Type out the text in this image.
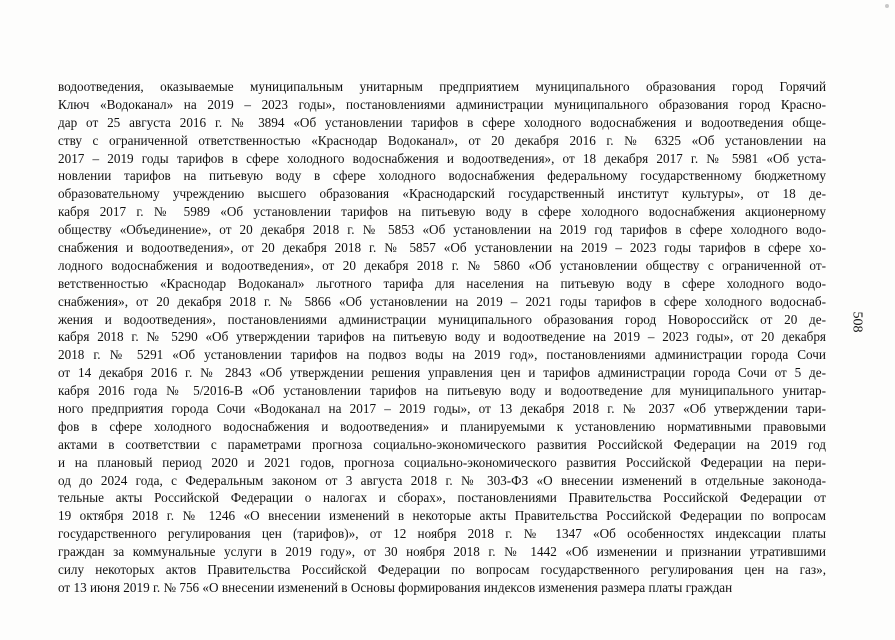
водоотведения, оказываемые муниципальным унитарным предприятием муниципального образования город Горячий
Ключ «Водоканал» на 2019 – 2023 годы», постановлениями администрации муниципального образования город Красно-
дар от 25 августа 2016 г. № 3894 «Об установлении тарифов в сфере холодного водоснабжения и водоотведения обще-
ству с ограниченной ответственностью «Краснодар Водоканал», от 20 декабря 2016 г. № 6325 «Об установлении на
2017 – 2019 годы тарифов в сфере холодного водоснабжения и водоотведения», от 18 декабря 2017 г. № 5981 «Об уста-
новлении тарифов на питьевую воду в сфере холодного водоснабжения федеральному государственному бюджетному
образовательному учреждению высшего образования «Краснодарский государственный институт культуры», от 18 де-
кабря 2017 г. № 5989 «Об установлении тарифов на питьевую воду в сфере холодного водоснабжения акционерному
обществу «Объединение», от 20 декабря 2018 г. № 5853 «Об установлении на 2019 год тарифов в сфере холодного водо-
снабжения и водоотведения», от 20 декабря 2018 г. № 5857 «Об установлении на 2019 – 2023 годы тарифов в сфере хо-
лодного водоснабжения и водоотведения», от 20 декабря 2018 г. № 5860 «Об установлении обществу с ограниченной от-
ветственностью «Краснодар Водоканал» льготного тарифа для населения на питьевую воду в сфере холодного водо-
снабжения», от 20 декабря 2018 г. № 5866 «Об установлении на 2019 – 2021 годы тарифов в сфере холодного водоснаб-
жения и водоотведения», постановлениями администрации муниципального образования город Новороссийск от 20 де-
кабря 2018 г. № 5290 «Об утверждении тарифов на питьевую воду и водоотведение на 2019 – 2023 годы», от 20 декабря
2018 г. № 5291 «Об установлении тарифов на подвоз воды на 2019 год», постановлениями администрации города Сочи
от 14 декабря 2016 г. № 2843 «Об утверждении решения управления цен и тарифов администрации города Сочи от 5 де-
кабря 2016 года № 5/2016-В «Об установлении тарифов на питьевую воду и водоотведение для муниципального унитар-
ного предприятия города Сочи «Водоканал на 2017 – 2019 годы», от 13 декабря 2018 г. № 2037 «Об утверждении тари-
фов в сфере холодного водоснабжения и водоотведения» и планируемыми к установлению нормативными правовыми
актами в соответствии с параметрами прогноза социально-экономического развития Российской Федерации на 2019 год
и на плановый период 2020 и 2021 годов, прогноза социально-экономического развития Российской Федерации на пери-
од до 2024 года, с Федеральным законом от 3 августа 2018 г. № 303-ФЗ «О внесении изменений в отдельные законода-
тельные акты Российской Федерации о налогах и сборах», постановлениями Правительства Российской Федерации от
19 октября 2018 г. № 1246 «О внесении изменений в некоторые акты Правительства Российской Федерации по вопросам
государственного регулирования цен (тарифов)», от 12 ноября 2018 г. № 1347 «Об особенностях индексации платы
граждан за коммунальные услуги в 2019 году», от 30 ноября 2018 г. № 1442 «Об изменении и признании утратившими
силу некоторых актов Правительства Российской Федерации по вопросам государственного регулирования цен на газ»,
от 13 июня 2019 г. № 756 «О внесении изменений в Основы формирования индексов изменения размера платы граждан
508
